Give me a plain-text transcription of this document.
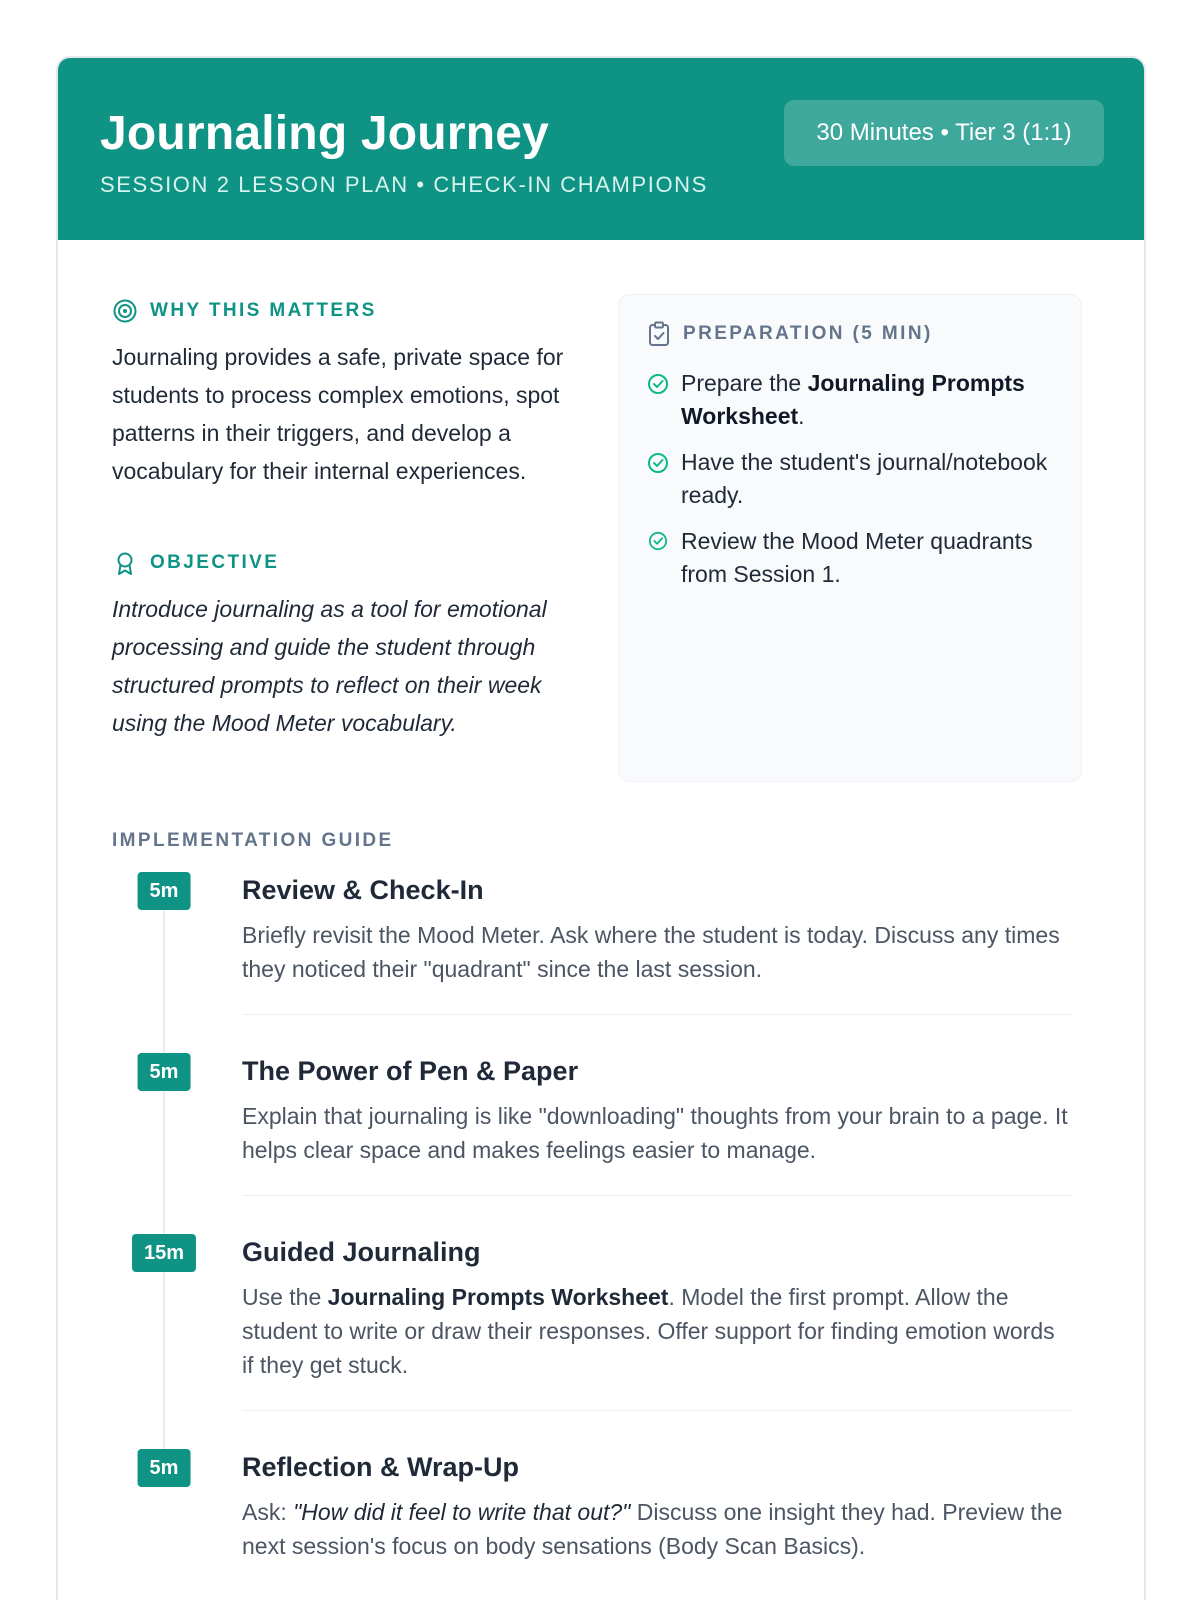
Journaling Journey
SESSION 2 LESSON PLAN • CHECK-IN CHAMPIONS
30 Minutes • Tier 3 (1:1)
WHY THIS MATTERS

Journaling provides a safe, private space for students to process complex emotions, spot patterns in their triggers, and develop a vocabulary for their internal experiences.

OBJECTIVE

Introduce journaling as a tool for emotional processing and guide the student through structured prompts to reflect on their week using the Mood Meter vocabulary.

PREPARATION (5 MIN)
Prepare the Journaling Prompts Worksheet.
Have the student's journal/notebook ready.
Review the Mood Meter quadrants from Session 1.
IMPLEMENTATION GUIDE
5m	Review & Check-In

Briefly revisit the Mood Meter. Ask where the student is today. Discuss any times they noticed their "quadrant" since the last session.

5m	The Power of Pen & Paper

Explain that journaling is like "downloading" thoughts from your brain to a page. It helps clear space and makes feelings easier to manage.

15m	Guided Journaling

Use the Journaling Prompts Worksheet. Model the first prompt. Allow the student to write or draw their responses. Offer support for finding emotion words if they get stuck.

5m	Reflection & Wrap-Up

Ask: "How did it feel to write that out?" Discuss one insight they had. Preview the next session's focus on body sensations (Body Scan Basics).
